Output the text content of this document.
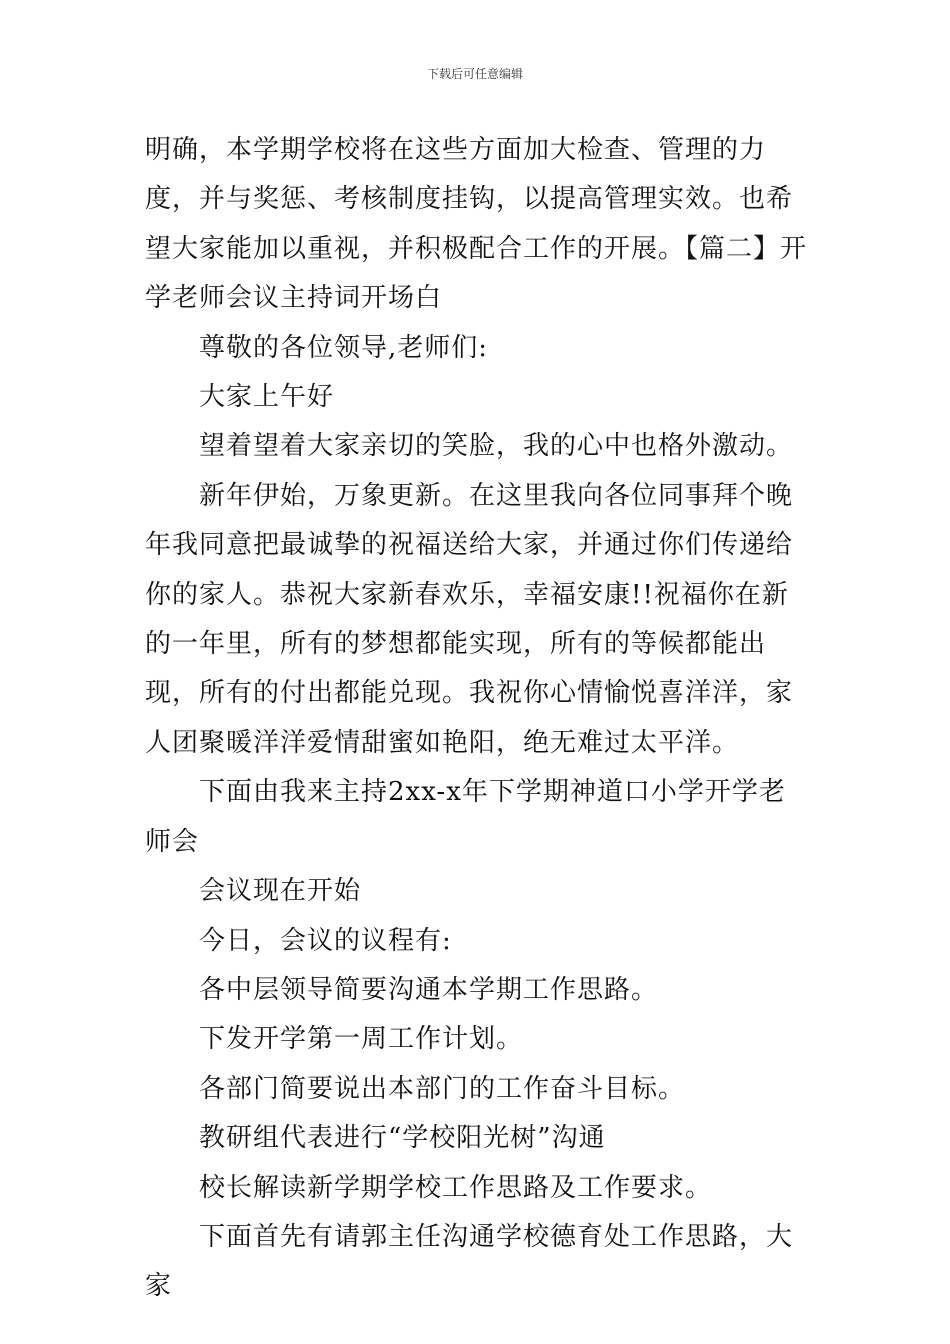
下载后可任意编辑

明确，本学期学校将在这些方面加大检查、管理的力度，并与奖惩、考核制度挂钩，以提高管理实效。也希望大家能加以重视，并积极配合工作的开展。【篇二】开学老师会议主持词开场白

尊敬的各位领导,老师们:

大家上午好

望着望着大家亲切的笑脸，我的心中也格外激动。

新年伊始，万象更新。在这里我向各位同事拜个晚年我同意把最诚挚的祝福送给大家，并通过你们传递给你的家人。恭祝大家新春欢乐，幸福安康!!祝福你在新的一年里，所有的梦想都能实现，所有的等候都能出现，所有的付出都能兑现。我祝你心情愉悦喜洋洋，家人团聚暖洋洋爱情甜蜜如艳阳，绝无难过太平洋。

下面由我来主持2xx-x年下学期神道口小学开学老师会

会议现在开始

今日，会议的议程有:

各中层领导简要沟通本学期工作思路。

下发开学第一周工作计划。

各部门简要说出本部门的工作奋斗目标。

教研组代表进行“学校阳光树”沟通

校长解读新学期学校工作思路及工作要求。

下面首先有请郭主任沟通学校德育处工作思路，大家
